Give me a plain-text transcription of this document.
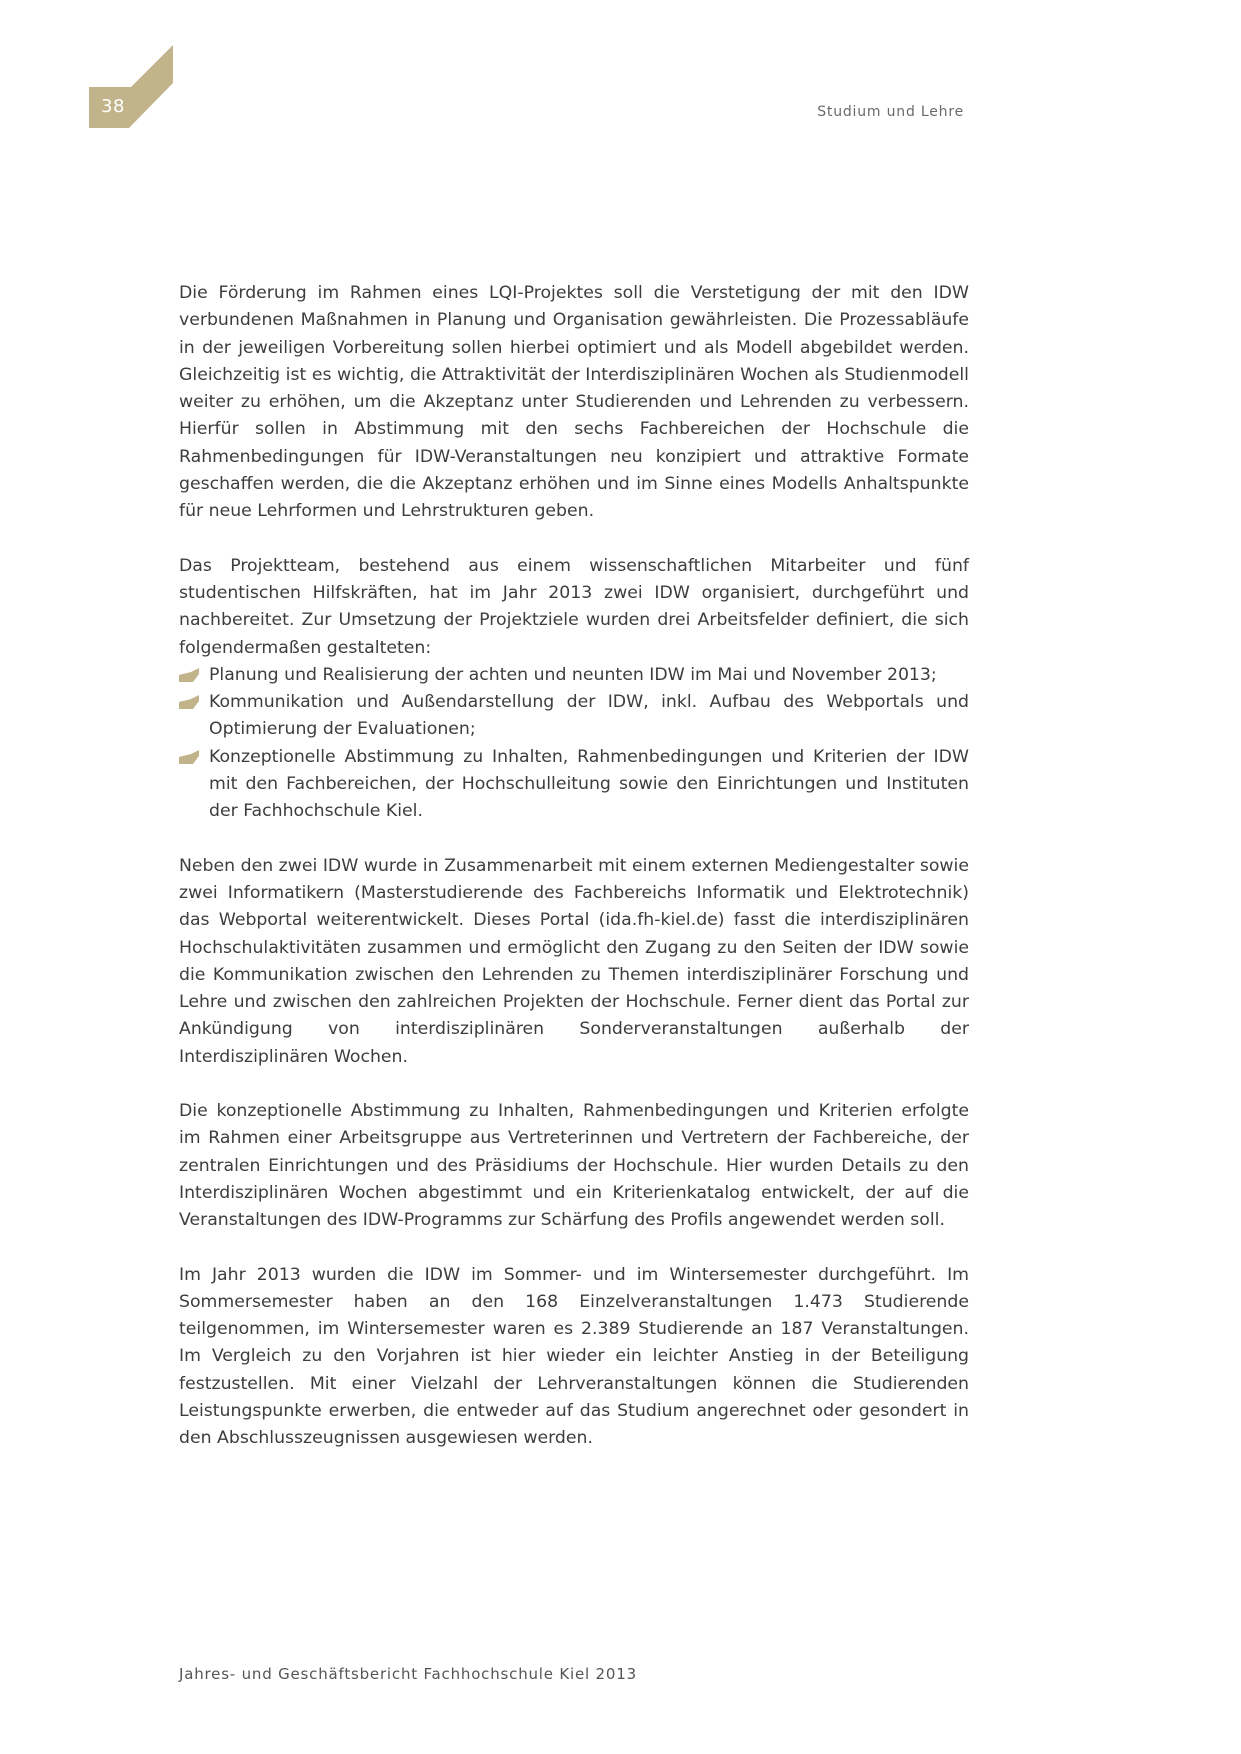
38	Studium und Lehre

Die Förderung im Rahmen eines LQI-Projektes soll die Verstetigung der mit den IDW verbundenen Maßnahmen in Planung und Organisation gewährleisten. Die Prozessabläufe in der jeweiligen Vorbereitung sollen hierbei optimiert und als Modell abgebildet werden. Gleichzeitig ist es wichtig, die Attraktivität der Interdisziplinären Wochen als Studienmodell weiter zu erhöhen, um die Akzeptanz unter Studierenden und Lehrenden zu verbessern. Hierfür sollen in Abstimmung mit den sechs Fachbereichen der Hochschule die Rahmenbedingungen für IDW-Veranstaltungen neu konzipiert und attraktive Formate geschaffen werden, die die Akzeptanz erhöhen und im Sinne eines Modells Anhaltspunkte für neue Lehrformen und Lehrstrukturen geben.

Das Projektteam, bestehend aus einem wissenschaftlichen Mitarbeiter und fünf studentischen Hilfskräften, hat im Jahr 2013 zwei IDW organisiert, durchgeführt und nachbereitet. Zur Umsetzung der Projektziele wurden drei Arbeitsfelder definiert, die sich folgendermaßen gestalteten:

Planung und Realisierung der achten und neunten IDW im Mai und November 2013;
Kommunikation und Außendarstellung der IDW, inkl. Aufbau des Webportals und Optimierung der Evaluationen;
Konzeptionelle Abstimmung zu Inhalten, Rahmenbedingungen und Kriterien der IDW mit den Fachbereichen, der Hochschulleitung sowie den Einrichtungen und Instituten der Fachhochschule Kiel.

Neben den zwei IDW wurde in Zusammenarbeit mit einem externen Mediengestalter sowie zwei Informatikern (Masterstudierende des Fachbereichs Informatik und Elektrotechnik) das Webportal weiterentwickelt. Dieses Portal (ida.fh-kiel.de) fasst die interdisziplinären Hochschulaktivitäten zusammen und ermöglicht den Zugang zu den Seiten der IDW sowie die Kommunikation zwischen den Lehrenden zu Themen interdisziplinärer Forschung und Lehre und zwischen den zahlreichen Projekten der Hochschule. Ferner dient das Portal zur Ankündigung von interdisziplinären Sonderveranstaltungen außerhalb der Interdisziplinären Wochen.

Die konzeptionelle Abstimmung zu Inhalten, Rahmenbedingungen und Kriterien erfolgte im Rahmen einer Arbeitsgruppe aus Vertreterinnen und Vertretern der Fachbereiche, der zentralen Einrichtungen und des Präsidiums der Hochschule. Hier wurden Details zu den Interdisziplinären Wochen abgestimmt und ein Kriterienkatalog entwickelt, der auf die Veranstaltungen des IDW-Programms zur Schärfung des Profils angewendet werden soll.

Im Jahr 2013 wurden die IDW im Sommer- und im Wintersemester durchgeführt. Im Sommersemester haben an den 168 Einzelveranstaltungen 1.473 Studierende teilgenommen, im Wintersemester waren es 2.389 Studierende an 187 Veranstaltungen. Im Vergleich zu den Vorjahren ist hier wieder ein leichter Anstieg in der Beteiligung festzustellen. Mit einer Vielzahl der Lehrveranstaltungen können die Studierenden Leistungspunkte erwerben, die entweder auf das Studium angerechnet oder gesondert in den Abschlusszeugnissen ausgewiesen werden.

Jahres- und Geschäftsbericht Fachhochschule Kiel 2013
